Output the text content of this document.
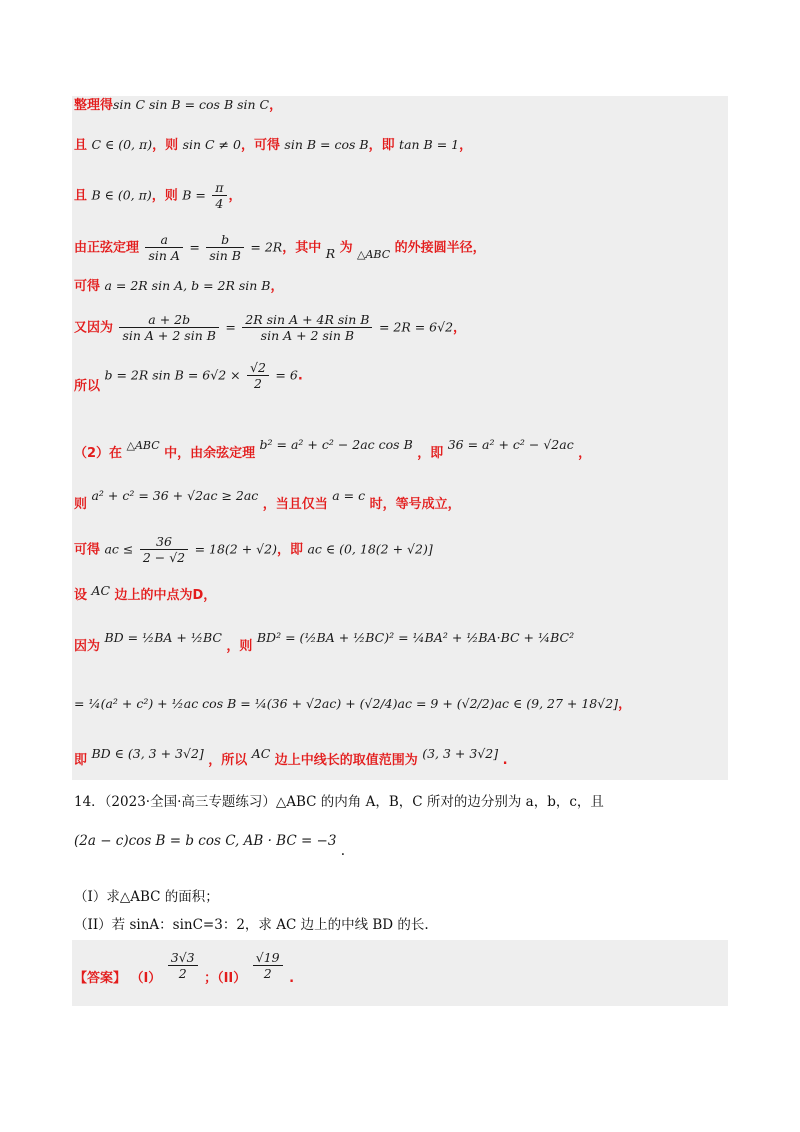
整理得sin C sin B = cos B sin C，
且 C ∈ (0, π)，则 sin C ≠ 0，可得 sin B = cos B，即 tan B = 1，
且 B ∈ (0, π)，则 $B = \frac{\pi}{4}$ ，
由正弦定理 $\frac{a}{\text{sin A}} = \frac{b}{\text{sin B}} = 2R$，其中 R 为 $_{\triangle ABC}$ 的外接圆半径，
可得 a = 2R sin A, b = 2R sin B，
又因为 $\frac{a + 2b}{\text{sin A + 2 sin B}} = \frac{\text{2R sin A + 4R sin B}}{\text{sin A + 2 sin B}} = 2R = 6√2$，
所以 b = 2R $\sin B = 6√2 \times \frac{√2}{2} = 6$.
（2）在 △ABC 中，由余弦定理 b² = a² + c² − 2ac cos B ，即 36 = a² + c² − √2ac ，
则 a² + c² = 36 + √2ac ≥ 2ac ，当且仅当 a = c 时，等号成立，
可得 ac ≤ $\frac{36}{2 - √2} = 18(2 + √2)$，即 ac ∈ (0, 18(2 + √2)]
设 AC 边上的中点为D，
因为 BD = ½BA + ½BC ，则 BD² = (½BA + ½BC)² = ¼BA² + ½BA·BC + ¼BC²
= ¼(a² + c²) + ½ac cos B = ¼(36 + √2ac) + (√2/4)ac = 9 + (√2/2)ac ∈ (9, 27 + 18√2]，
即 BD ∈ (3, 3 + 3√2] ，所以 AC 边上中线长的取值范围为 (3, 3 + 3√2] .
14．（2023·全国·高三专题练习）△ABC 的内角 A，B，C 所对的边分别为 a，b，c，且
(2a − c)cos B = b cos C, AB · BC = −3 .
（I）求△ABC 的面积；
（II）若 sinA：sinC=3：2，求 AC 边上的中线 BD 的长.
【答案】 $(I) \frac{3√3}{2}$ ；$(II) \frac{√19}{2}$ .
